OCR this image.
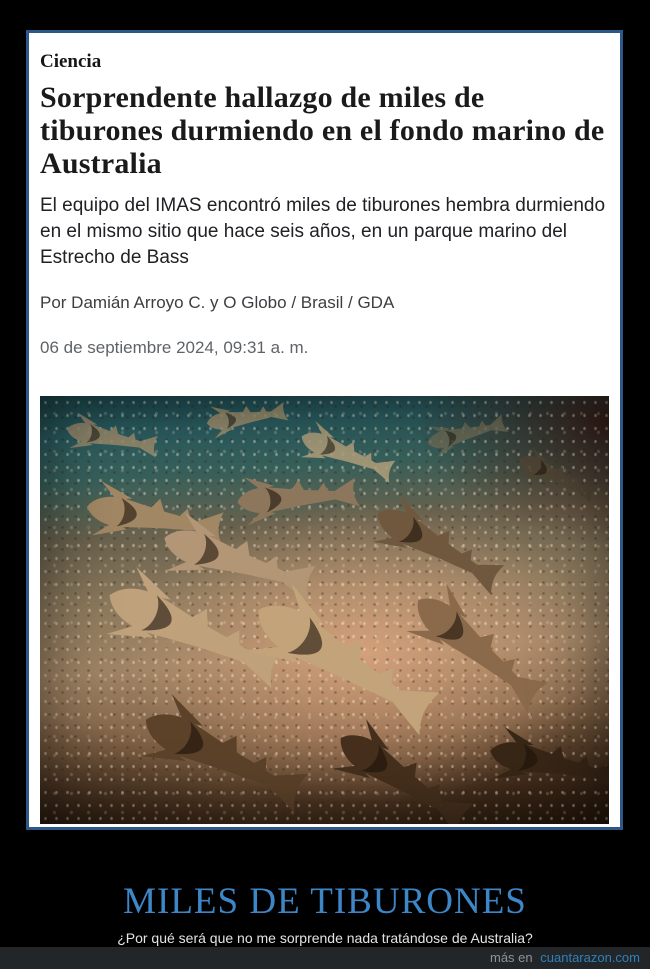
Ciencia
Sorprendente hallazgo de miles de tiburones durmiendo en el fondo marino de Australia
El equipo del IMAS encontró miles de tiburones hembra durmiendo en el mismo sitio que hace seis años, en un parque marino del Estrecho de Bass
Por Damián Arroyo C. y O Globo / Brasil / GDA
06 de septiembre 2024, 09:31 a. m.
MILES DE TIBURONES
¿Por qué será que no me sorprende nada tratándose de Australia?
más en cuantarazon.com
